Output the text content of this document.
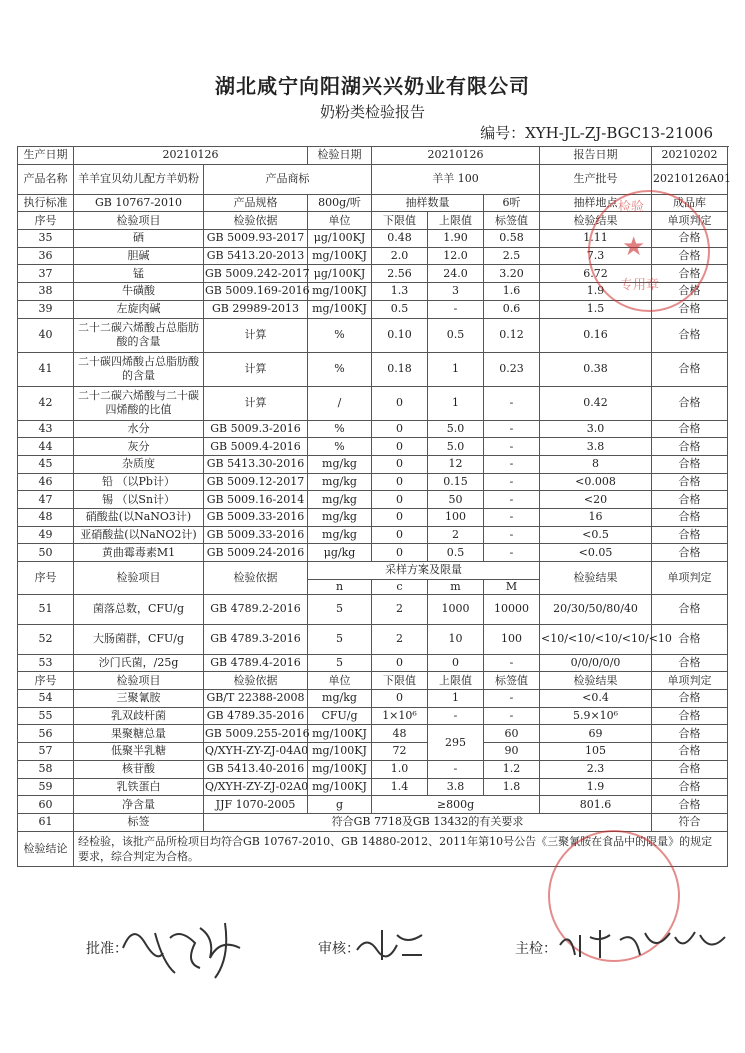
湖北咸宁向阳湖兴兴奶业有限公司
奶粉类检验报告
编号：XYH-JL-ZJ-BGC13-21006
生产日期	20210126		检验日期	20210126			报告日期	20210202
产品名称	羊羊宜贝幼儿配方羊奶粉	产品商标		羊羊 100			生产批号	20210126A01
执行标准	GB 10767-2010	产品规格	800g/听	抽样数量		6听	抽样地点	成品库
序号	检验项目	检验依据	单位	下限值	上限值	标签值	检验结果	单项判定
35	硒	GB 5009.93-2017	μg/100KJ	0.48	1.90	0.58	1.11	合格
36	胆碱	GB 5413.20-2013	mg/100KJ	2.0	12.0	2.5	7.3	合格
37	锰	GB 5009.242-2017	μg/100KJ	2.56	24.0	3.20	6.72	合格
38	牛磺酸	GB 5009.169-2016	mg/100KJ	1.3	3	1.6	1.9	合格
39	左旋肉碱	GB 29989-2013	mg/100KJ	0.5	-	0.6	1.5	合格
40	二十二碳六烯酸占总脂肪酸的含量	计算	%	0.10	0.5	0.12	0.16	合格
41	二十碳四烯酸占总脂肪酸的含量	计算	%	0.18	1	0.23	0.38	合格
42	二十二碳六烯酸与二十碳四烯酸的比值	计算	/	0	1	-	0.42	合格
43	水分	GB 5009.3-2016	%	0	5.0	-	3.0	合格
44	灰分	GB 5009.4-2016	%	0	5.0	-	3.8	合格
45	杂质度	GB 5413.30-2016	mg/kg	0	12	-	8	合格
46	铅 （以Pb计）	GB 5009.12-2017	mg/kg	0	0.15	-	<0.008	合格
47	锡 （以Sn计）	GB 5009.16-2014	mg/kg	0	50	-	<20	合格
48	硝酸盐(以NaNO3计)	GB 5009.33-2016	mg/kg	0	100	-	16	合格
49	亚硝酸盐(以NaNO2计)	GB 5009.33-2016	mg/kg	0	2	-	<0.5	合格
50	黄曲霉毒素M1	GB 5009.24-2016	μg/kg	0	0.5	-	<0.05	合格
序号	检验项目	检验依据	采样方案及限量				检验结果	单项判定
			n	c	m	M		
51	菌落总数，CFU/g	GB 4789.2-2016	5	2	1000	10000	20/30/50/80/40	合格
52	大肠菌群，CFU/g	GB 4789.3-2016	5	2	10	100	<10/<10/<10/<10/<10	合格
53	沙门氏菌，/25g	GB 4789.4-2016	5	0	0	-	0/0/0/0/0	合格
序号	检验项目	检验依据	单位	下限值	上限值	标签值	检验结果	单项判定
54	三聚氰胺	GB/T 22388-2008	mg/kg	0	1	-	<0.4	合格
55	乳双歧杆菌	GB 4789.35-2016	CFU/g	1×10⁶	-	-	5.9×10⁶	合格
56	果聚糖总量	GB 5009.255-2016	mg/100KJ	48	295	60	69	合格
57	低聚半乳糖	Q/XYH-ZY-ZJ-04A0	mg/100KJ	72		90	105	合格
58	核苷酸	GB 5413.40-2016	mg/100KJ	1.0	-	1.2	2.3	合格
59	乳铁蛋白	Q/XYH-ZY-ZJ-02A0	mg/100KJ	1.4	3.8	1.8	1.9	合格
60	净含量	JJF 1070-2005	g	≥800g			801.6	合格
61	标签	符合GB 7718及GB 13432的有关要求						符合
检验结论	经检验，该批产品所检项目均符合GB 10767-2010、GB 14880-2012、2011年第10号公告《三聚氰胺在食品中的限量》的规定要求，综合判定为合格。							
检验
专用章
★
批准：	审核：	主检：
